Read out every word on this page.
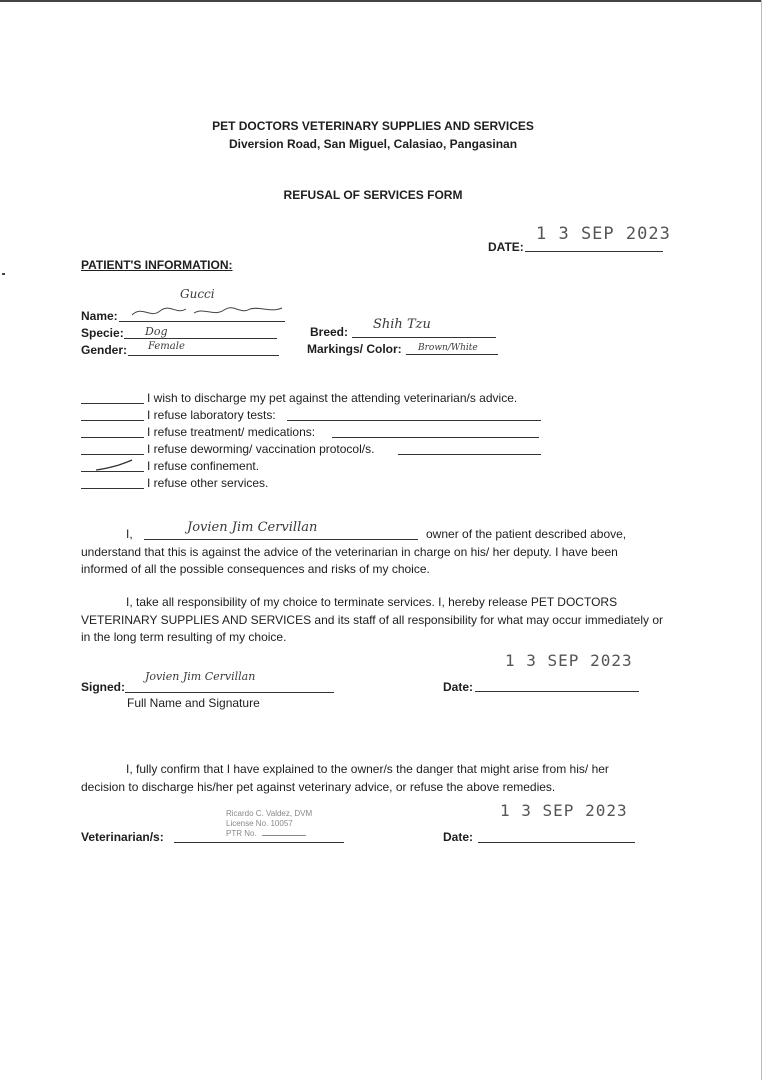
PET DOCTORS VETERINARY SUPPLIES AND SERVICES
Diversion Road, San Miguel, Calasiao, Pangasinan
REFUSAL OF SERVICES FORM
DATE:
1 3 SEP 2023
PATIENT'S INFORMATION:
Name:
Gucci
Specie: Dog
Gender: Female
Breed: Shih Tzu
Markings/ Color: Brown/White
I wish to discharge my pet against the attending veterinarian/s advice.
I refuse laboratory tests:
I refuse treatment/ medications:
I refuse deworming/ vaccination protocol/s.
I refuse confinement.
I refuse other services.
I,	Jovien Jim Cervillan	owner of the patient described above,
understand that this is against the advice of the veterinarian in charge on his/ her deputy. I have been
informed of all the possible consequences and risks of my choice.
I, take all responsibility of my choice to terminate services. I, hereby release PET DOCTORS
VETERINARY SUPPLIES AND SERVICES and its staff of all responsibility for what may occur immediately or
in the long term resulting of my choice.
Signed:
Jovien Jim Cervillan
Full Name and Signature
Date:
1 3 SEP 2023
I, fully confirm that I have explained to the owner/s the danger that might arise from his/ her
decision to discharge his/her pet against veterinary advice, or refuse the above remedies.
Veterinarian/s:
Ricardo C. Valdez, DVM
License No. 10057
PTR No.	Date:
1 3 SEP 2023
